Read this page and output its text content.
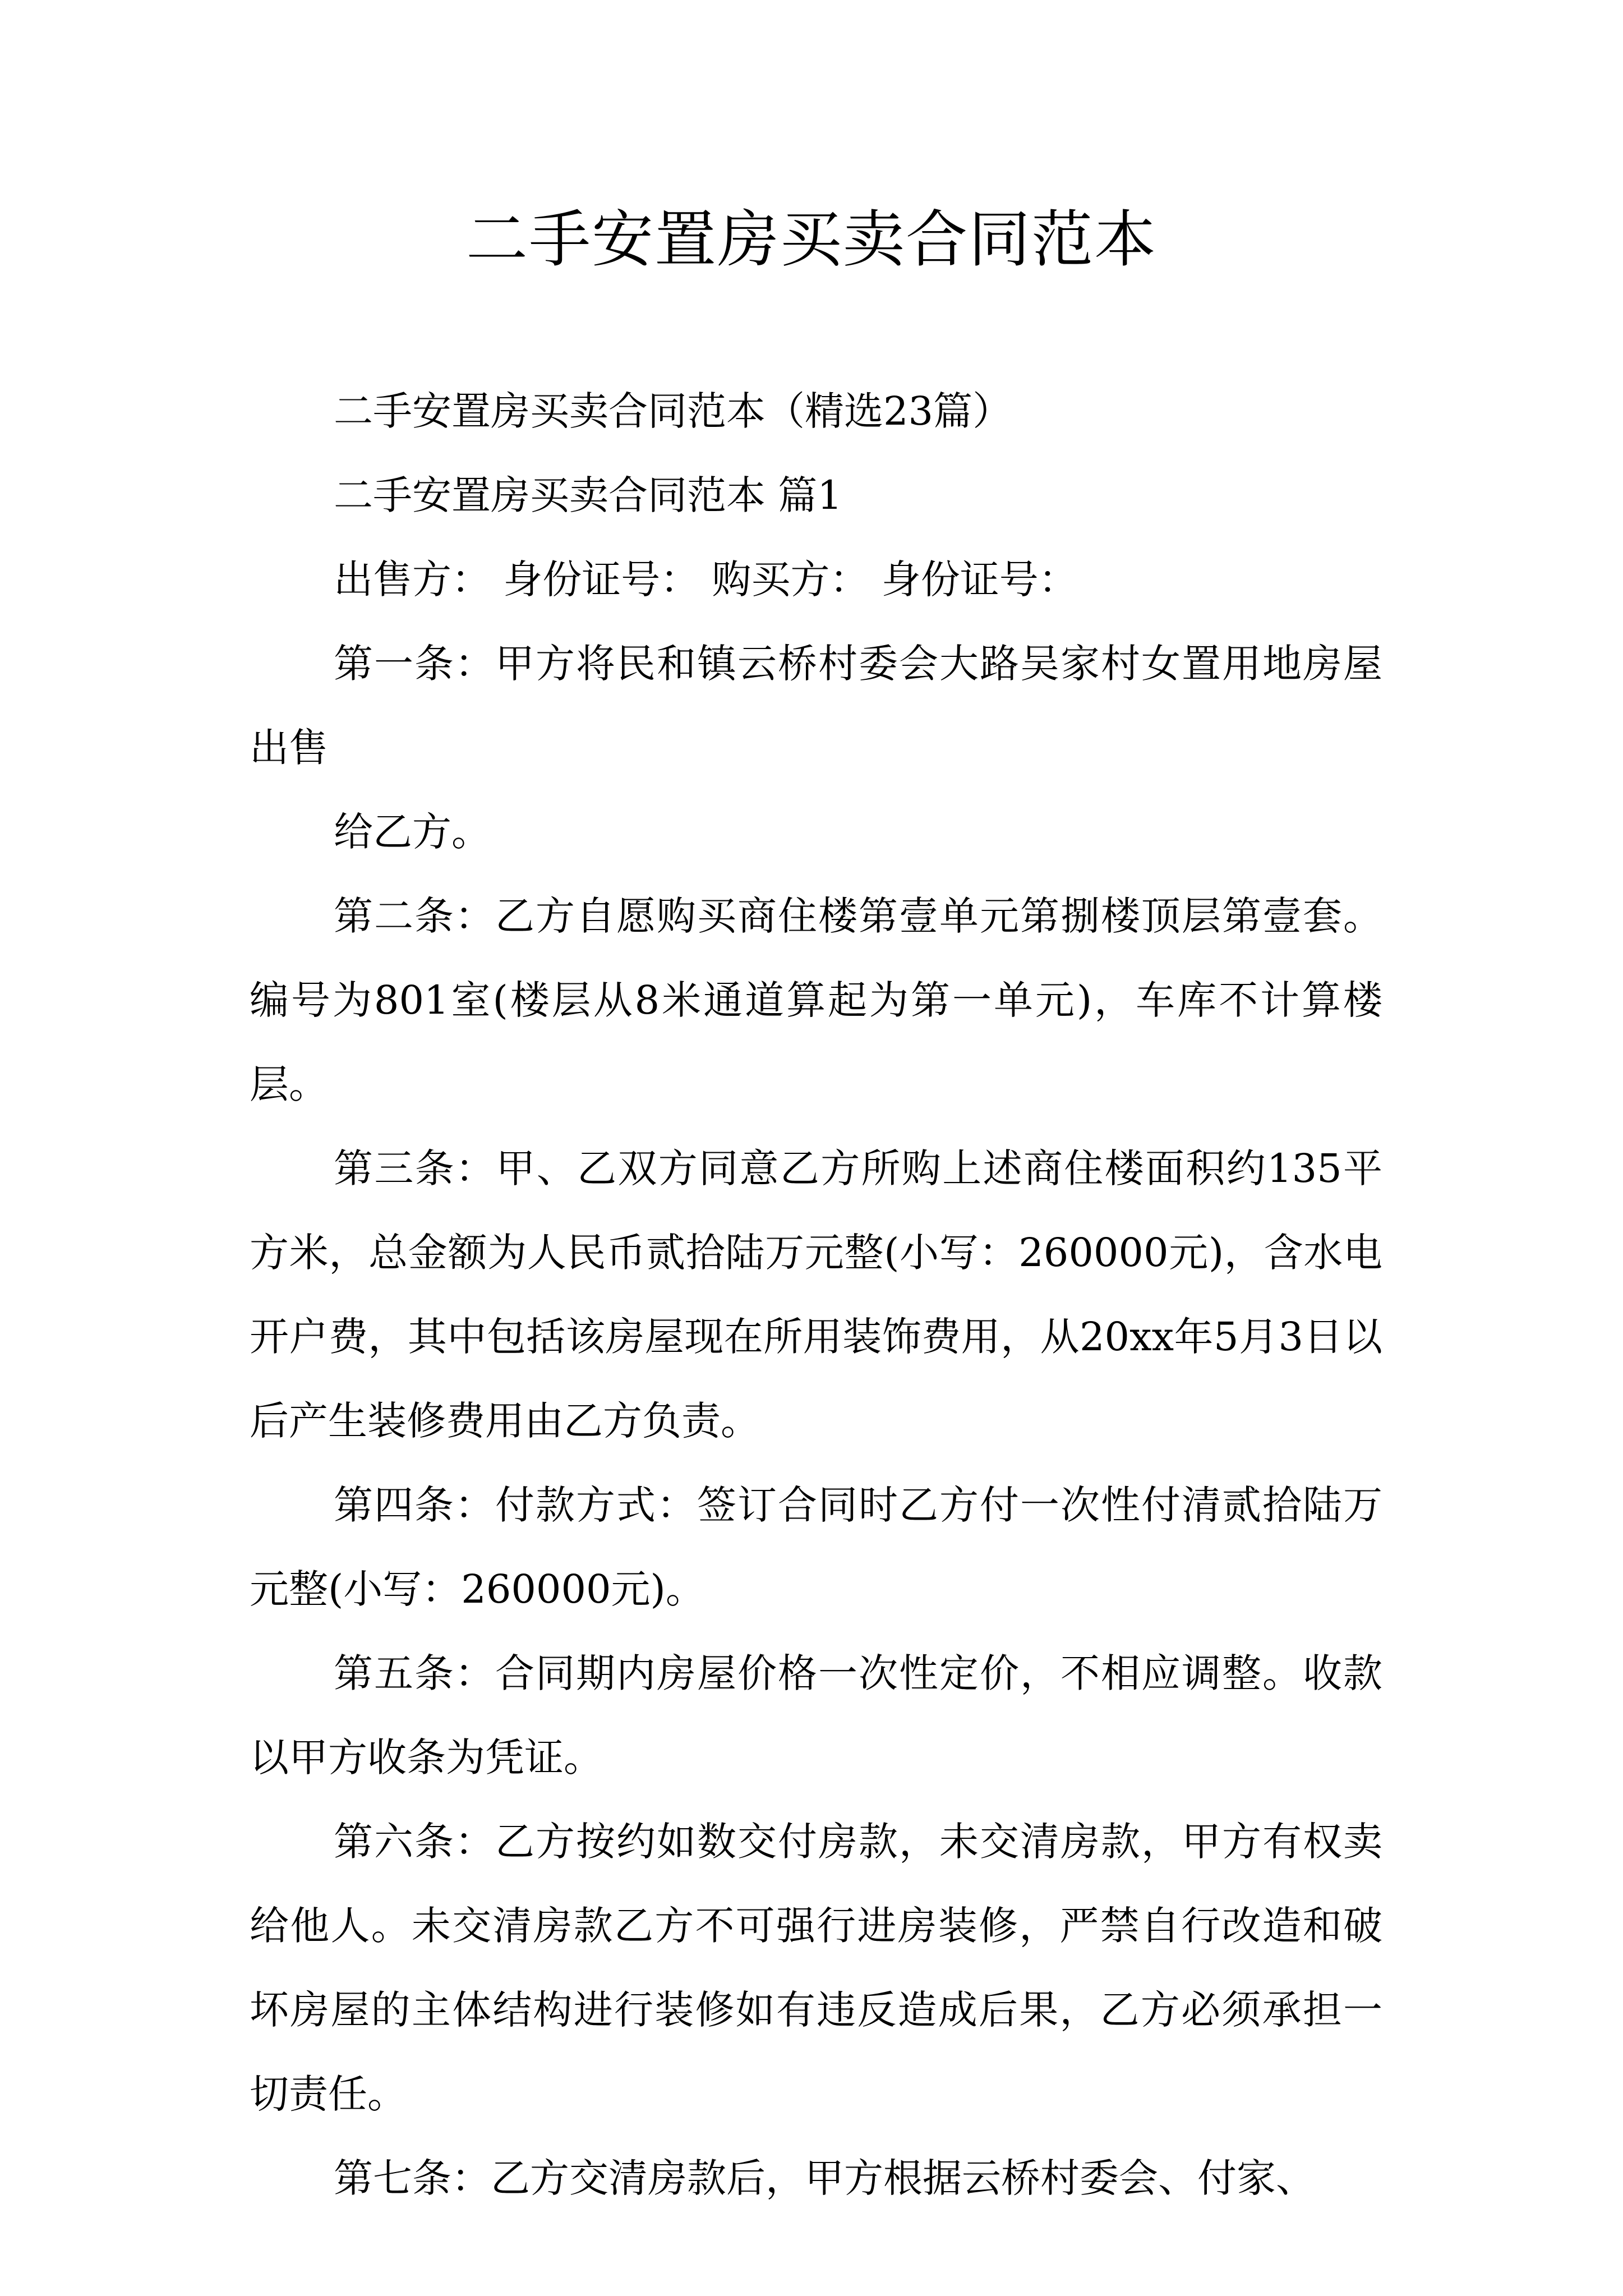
二手安置房买卖合同范本

二手安置房买卖合同范本（精选23篇）

二手安置房买卖合同范本 篇1

出售方： 身份证号： 购买方： 身份证号：

第一条：甲方将民和镇云桥村委会大路吴家村女置用地房屋出售

给乙方。

第二条：乙方自愿购买商住楼第壹单元第捌楼顶层第壹套。编号为801室(楼层从8米通道算起为第一单元)，车库不计算楼层。

第三条：甲、乙双方同意乙方所购上述商住楼面积约135平方米，总金额为人民币贰拾陆万元整(小写：260000元)，含水电开户费，其中包括该房屋现在所用装饰费用，从20xx年5月3日以后产生装修费用由乙方负责。

第四条：付款方式：签订合同时乙方付一次性付清贰拾陆万元整(小写：260000元)。

第五条：合同期内房屋价格一次性定价，不相应调整。收款以甲方收条为凭证。

第六条：乙方按约如数交付房款，未交清房款，甲方有权卖给他人。未交清房款乙方不可强行进房装修，严禁自行改造和破坏房屋的主体结构进行装修如有违反造成后果，乙方必须承担一切责任。

第七条：乙方交清房款后，甲方根据云桥村委会、付家、
